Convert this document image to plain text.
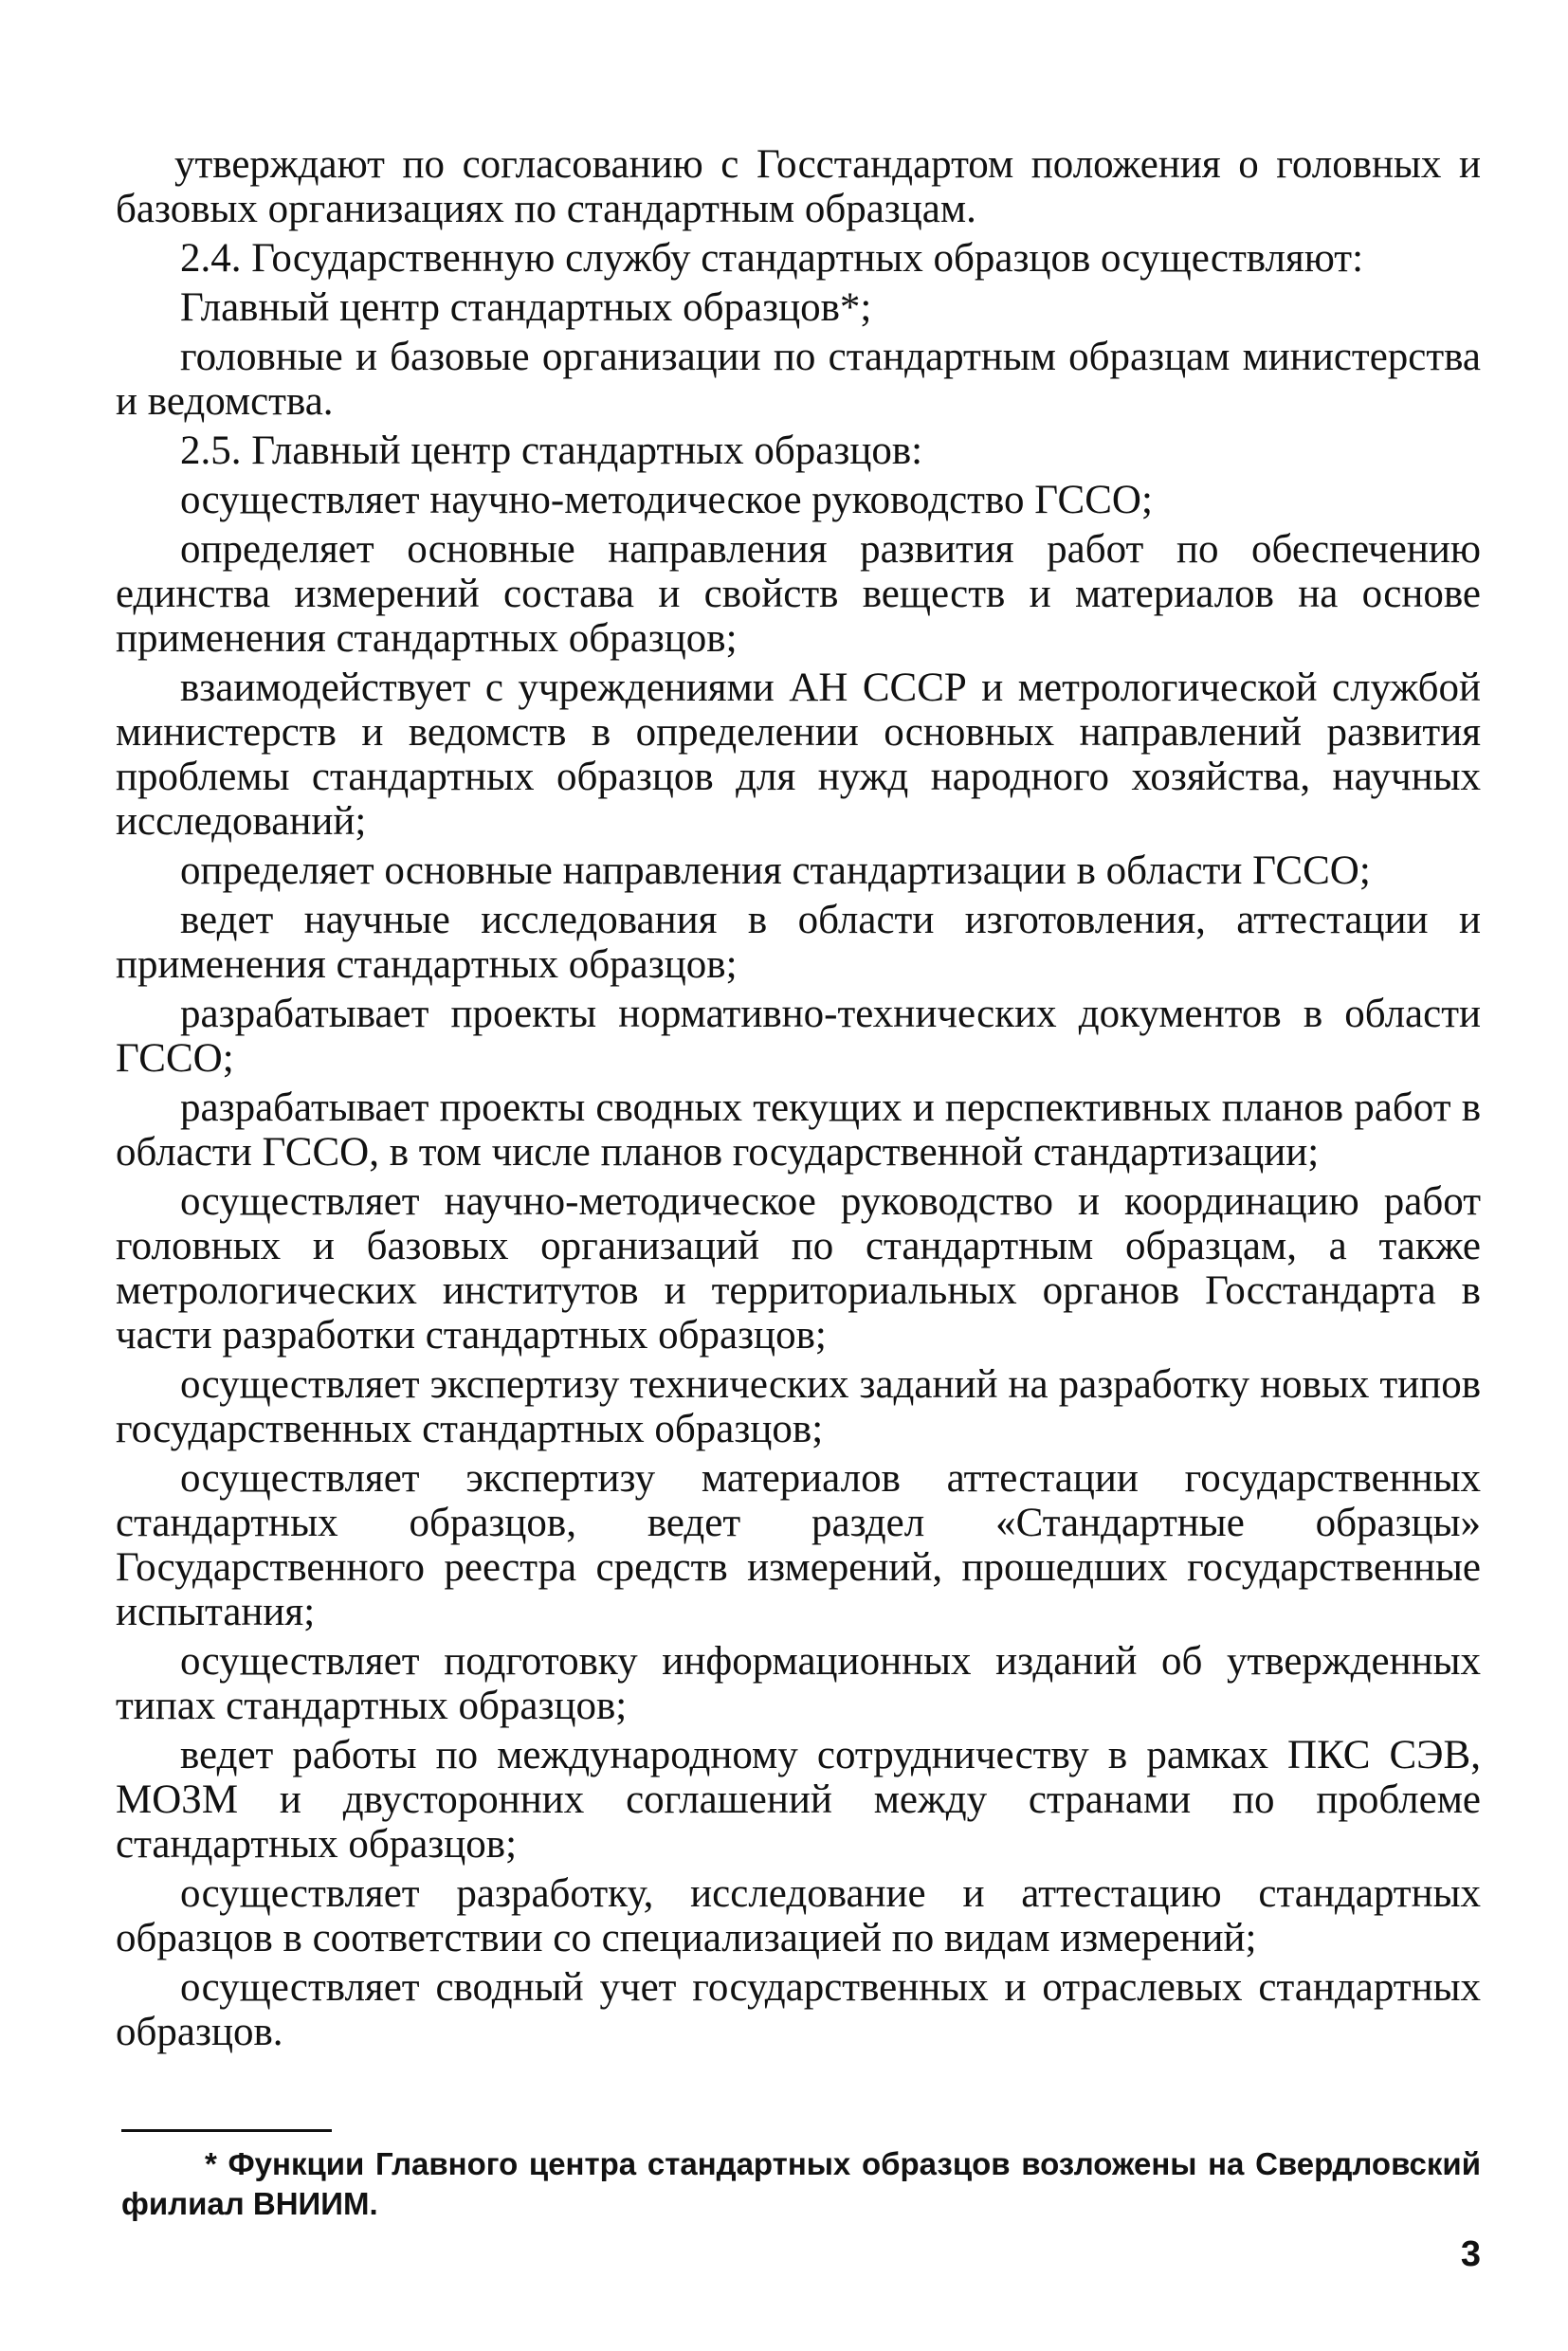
утверждают по согласованию с Госстандартом положения о головных и базовых организациях по стандартным образцам.

2.4. Государственную службу стандартных образцов осуществляют:

Главный центр стандартных образцов*;

головные и базовые организации по стандартным образцам министерства и ведомства.

2.5. Главный центр стандартных образцов:

осуществляет научно-методическое руководство ГССО;

определяет основные направления развития работ по обеспечению единства измерений состава и свойств веществ и материалов на основе применения стандартных образцов;

взаимодействует с учреждениями АН СССР и метрологической службой министерств и ведомств в определении основных направлений развития проблемы стандартных образцов для нужд народного хозяйства, научных исследований;

определяет основные направления стандартизации в области ГССО;

ведет научные исследования в области изготовления, аттестации и применения стандартных образцов;

разрабатывает проекты нормативно-технических документов в области ГССО;

разрабатывает проекты сводных текущих и перспективных планов работ в области ГССО, в том числе планов государственной стандартизации;

осуществляет научно-методическое руководство и координацию работ головных и базовых организаций по стандартным образцам, а также метрологических институтов и территориальных органов Госстандарта в части разработки стандартных образцов;

осуществляет экспертизу технических заданий на разработку новых типов государственных стандартных образцов;

осуществляет экспертизу материалов аттестации государственных стандартных образцов, ведет раздел «Стандартные образцы» Государственного реестра средств измерений, прошедших государственные испытания;

осуществляет подготовку информационных изданий об утвержденных типах стандартных образцов;

ведет работы по международному сотрудничеству в рамках ПКС СЭВ, МОЗМ и двусторонних соглашений между странами по проблеме стандартных образцов;

осуществляет разработку, исследование и аттестацию стандартных образцов в соответствии со специализацией по видам измерений;

осуществляет сводный учет государственных и отраслевых стандартных образцов.

* Функции Главного центра стандартных образцов возложены на Свердловский филиал ВНИИМ.
3
